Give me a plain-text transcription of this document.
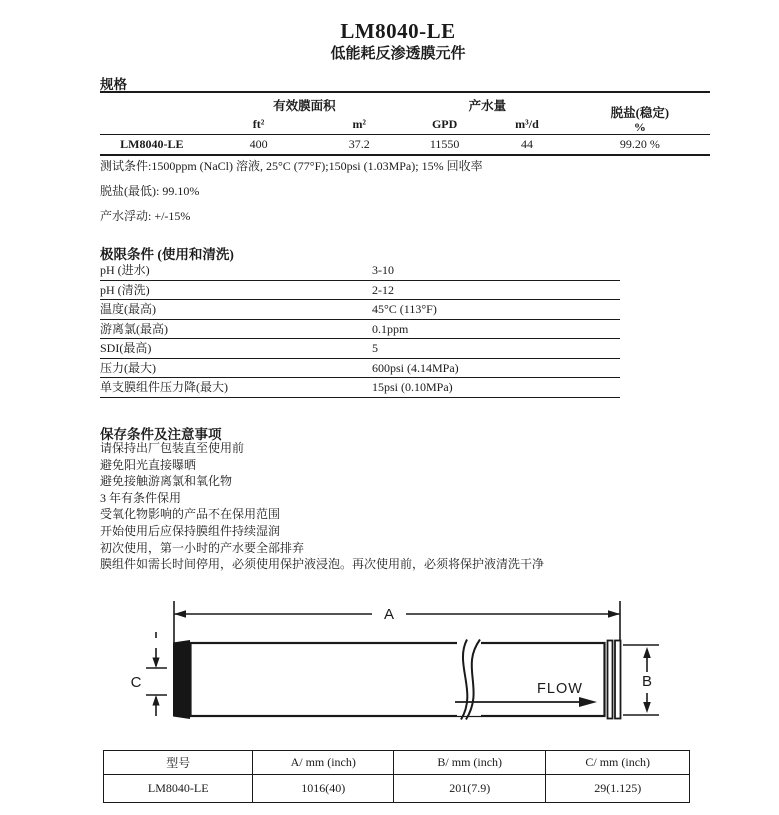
LM8040-LE
低能耗反渗透膜元件
规格
	有效膜面积		产水量		脱盐(稳定)
%

	ft²	m²	GPD	m³/d	
LM8040-LE	400	37.2	11550	44	99.20 %

测试条件:1500ppm (NaCl) 溶液, 25°C (77°F);150psi (1.03MPa); 15% 回收率

脱盐(最低): 99.10%

产水浮动: +/-15%

极限条件 (使用和清洗)
pH (进水)	3-10
pH (清洗)	2-12
温度(最高)	45°C (113°F)
游离氯(最高)	0.1ppm
SDI(最高)	5
压力(最大)	600psi (4.14MPa)
单支膜组件压力降(最大)	15psi (0.10MPa)
保存条件及注意事项
请保持出厂包装直至使用前
避免阳光直接曝晒
避免接触游离氯和氧化物
3 年有条件保用
受氧化物影响的产品不在保用范围
开始使用后应保持膜组件持续湿润
初次使用，第一小时的产水要全部排弃
膜组件如需长时间停用，必须使用保护液浸泡。再次使用前，必须将保护液清洗干净
A
FLOW	B
C
型号	A/ mm (inch)	B/ mm (inch)	C/ mm (inch)
LM8040-LE	1016(40)	201(7.9)	29(1.125)
